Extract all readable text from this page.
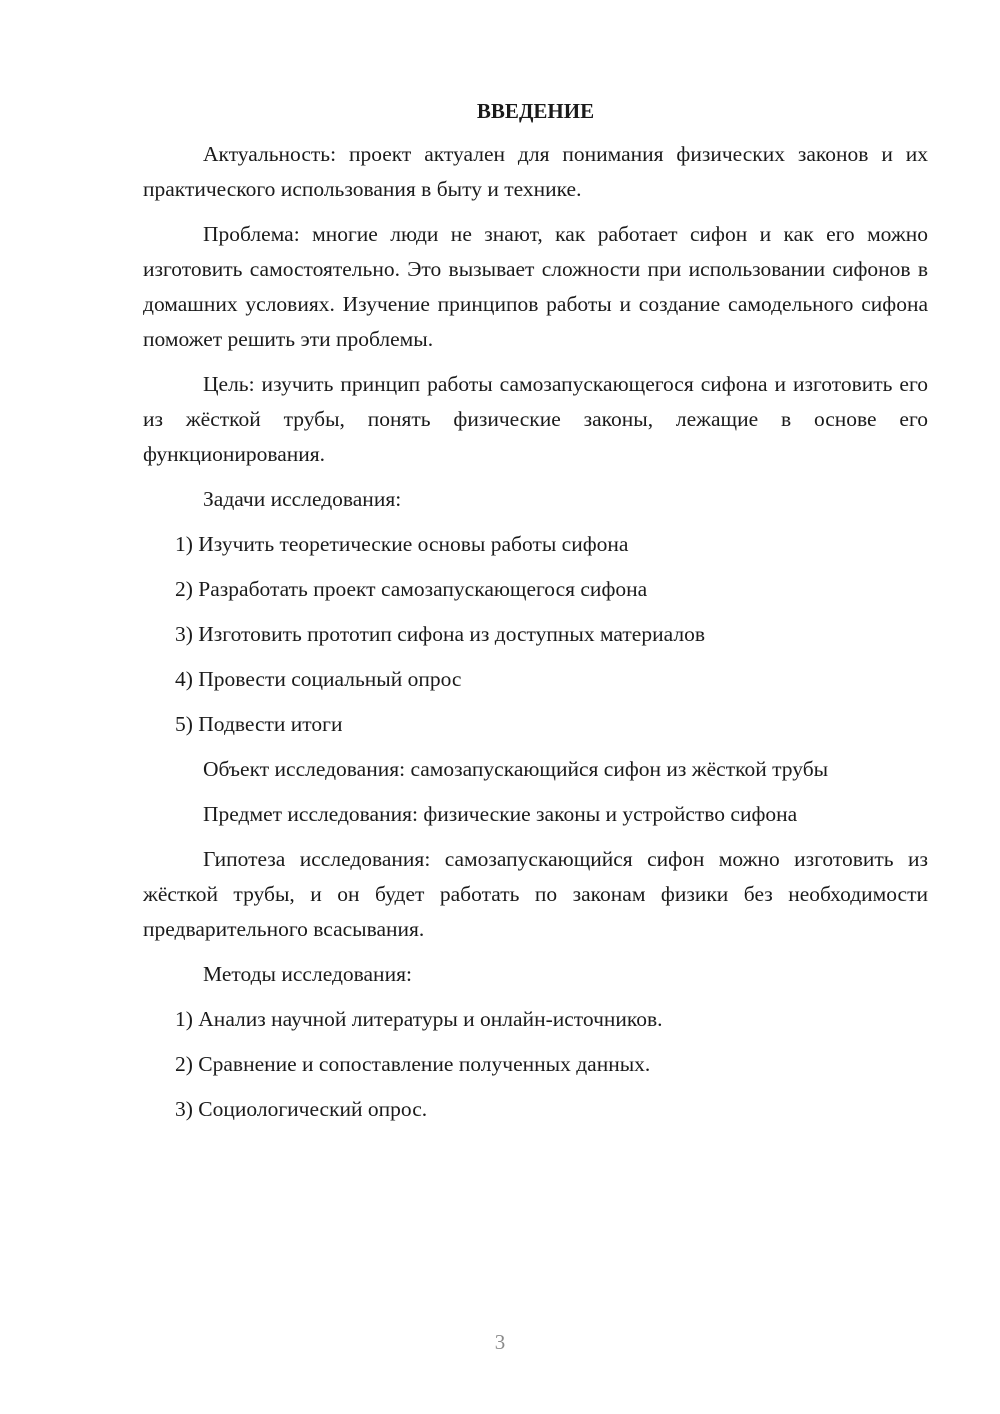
ВВЕДЕНИЕ

Актуальность: проект актуален для понимания физических законов и их практического использования в быту и технике.

Проблема: многие люди не знают, как работает сифон и как его можно изготовить самостоятельно. Это вызывает сложности при использовании сифонов в домашних условиях. Изучение принципов работы и создание самодельного сифона поможет решить эти проблемы.

Цель: изучить принцип работы самозапускающегося сифона и изготовить его из жёсткой трубы, понять физические законы, лежащие в основе его функционирования.

Задачи исследования:

1) Изучить теоретические основы работы сифона
2) Разработать проект самозапускающегося сифона
3) Изготовить прототип сифона из доступных материалов
4) Провести социальный опрос
5) Подвести итоги

Объект исследования: самозапускающийся сифон из жёсткой трубы

Предмет исследования: физические законы и устройство сифона

Гипотеза исследования: самозапускающийся сифон можно изготовить из жёсткой трубы, и он будет работать по законам физики без необходимости предварительного всасывания.

Методы исследования:

1) Анализ научной литературы и онлайн-источников.
2) Сравнение и сопоставление полученных данных.
3) Социологический опрос.
3
